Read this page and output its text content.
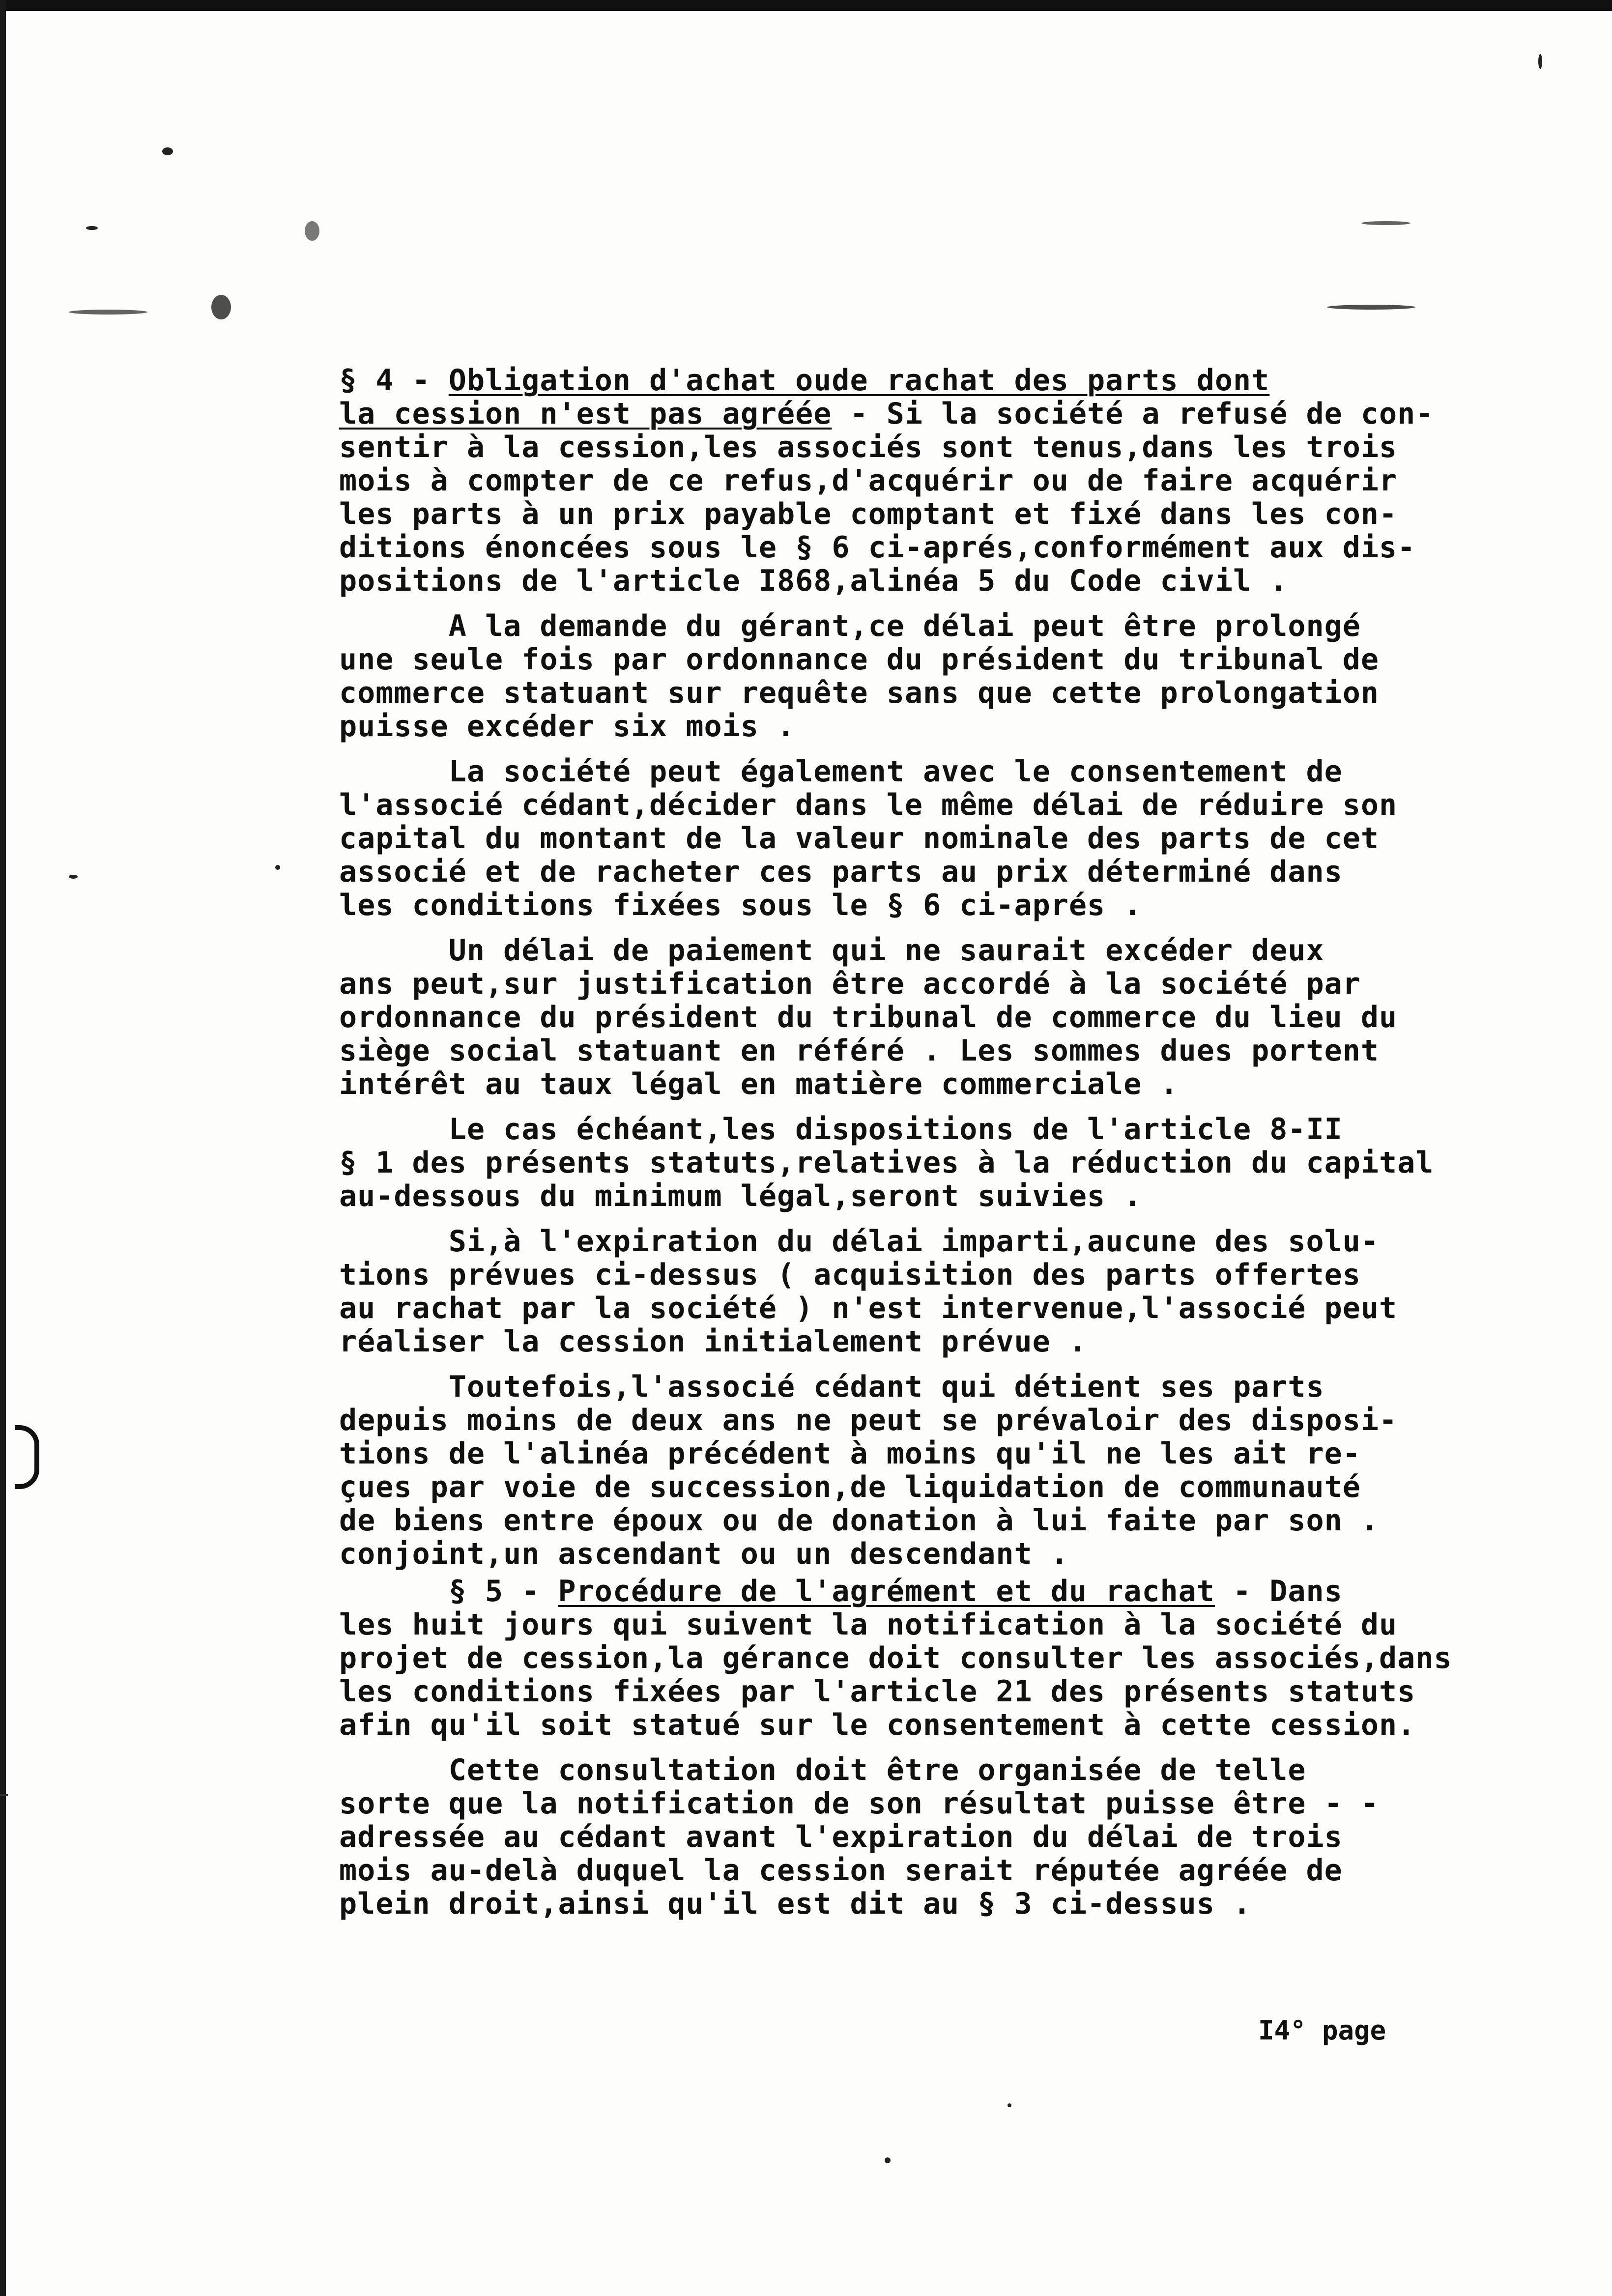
§ 4 - Obligation d'achat oude rachat des parts dont
la cession n'est pas agréée - Si la société a refusé de con-
sentir à la cession,les associés sont tenus,dans les trois
mois à compter de ce refus,d'acquérir ou de faire acquérir
les parts à un prix payable comptant et fixé dans les con-
ditions énoncées sous le § 6 ci-aprés,conformément aux dis-
positions de l'article I868,alinéa 5 du Code civil .
A la demande du gérant,ce délai peut être prolongé
une seule fois par ordonnance du président du tribunal de
commerce statuant sur requête sans que cette prolongation
puisse excéder six mois .
La société peut également avec le consentement de
l'associé cédant,décider dans le même délai de réduire son
capital du montant de la valeur nominale des parts de cet
associé et de racheter ces parts au prix déterminé dans
les conditions fixées sous le § 6 ci-aprés .
Un délai de paiement qui ne saurait excéder deux
ans peut,sur justification être accordé à la société par
ordonnance du président du tribunal de commerce du lieu du
siège social statuant en référé . Les sommes dues portent
intérêt au taux légal en matière commerciale .
Le cas échéant,les dispositions de l'article 8-II
§ 1 des présents statuts,relatives à la réduction du capital
au-dessous du minimum légal,seront suivies .
Si,à l'expiration du délai imparti,aucune des solu-
tions prévues ci-dessus ( acquisition des parts offertes
au rachat par la société ) n'est intervenue,l'associé peut
réaliser la cession initialement prévue .
Toutefois,l'associé cédant qui détient ses parts
depuis moins de deux ans ne peut se prévaloir des disposi-
tions de l'alinéa précédent à moins qu'il ne les ait re-
çues par voie de succession,de liquidation de communauté
de biens entre époux ou de donation à lui faite par son .
conjoint,un ascendant ou un descendant .
§ 5 - Procédure de l'agrément et du rachat - Dans
les huit jours qui suivent la notification à la société du
projet de cession,la gérance doit consulter les associés,dans
les conditions fixées par l'article 21 des présents statuts
afin qu'il soit statué sur le consentement à cette cession.
Cette consultation doit être organisée de telle
sorte que la notification de son résultat puisse être - -
adressée au cédant avant l'expiration du délai de trois
mois au-delà duquel la cession serait réputée agréée de
plein droit,ainsi qu'il est dit au § 3 ci-dessus .
I4° page
